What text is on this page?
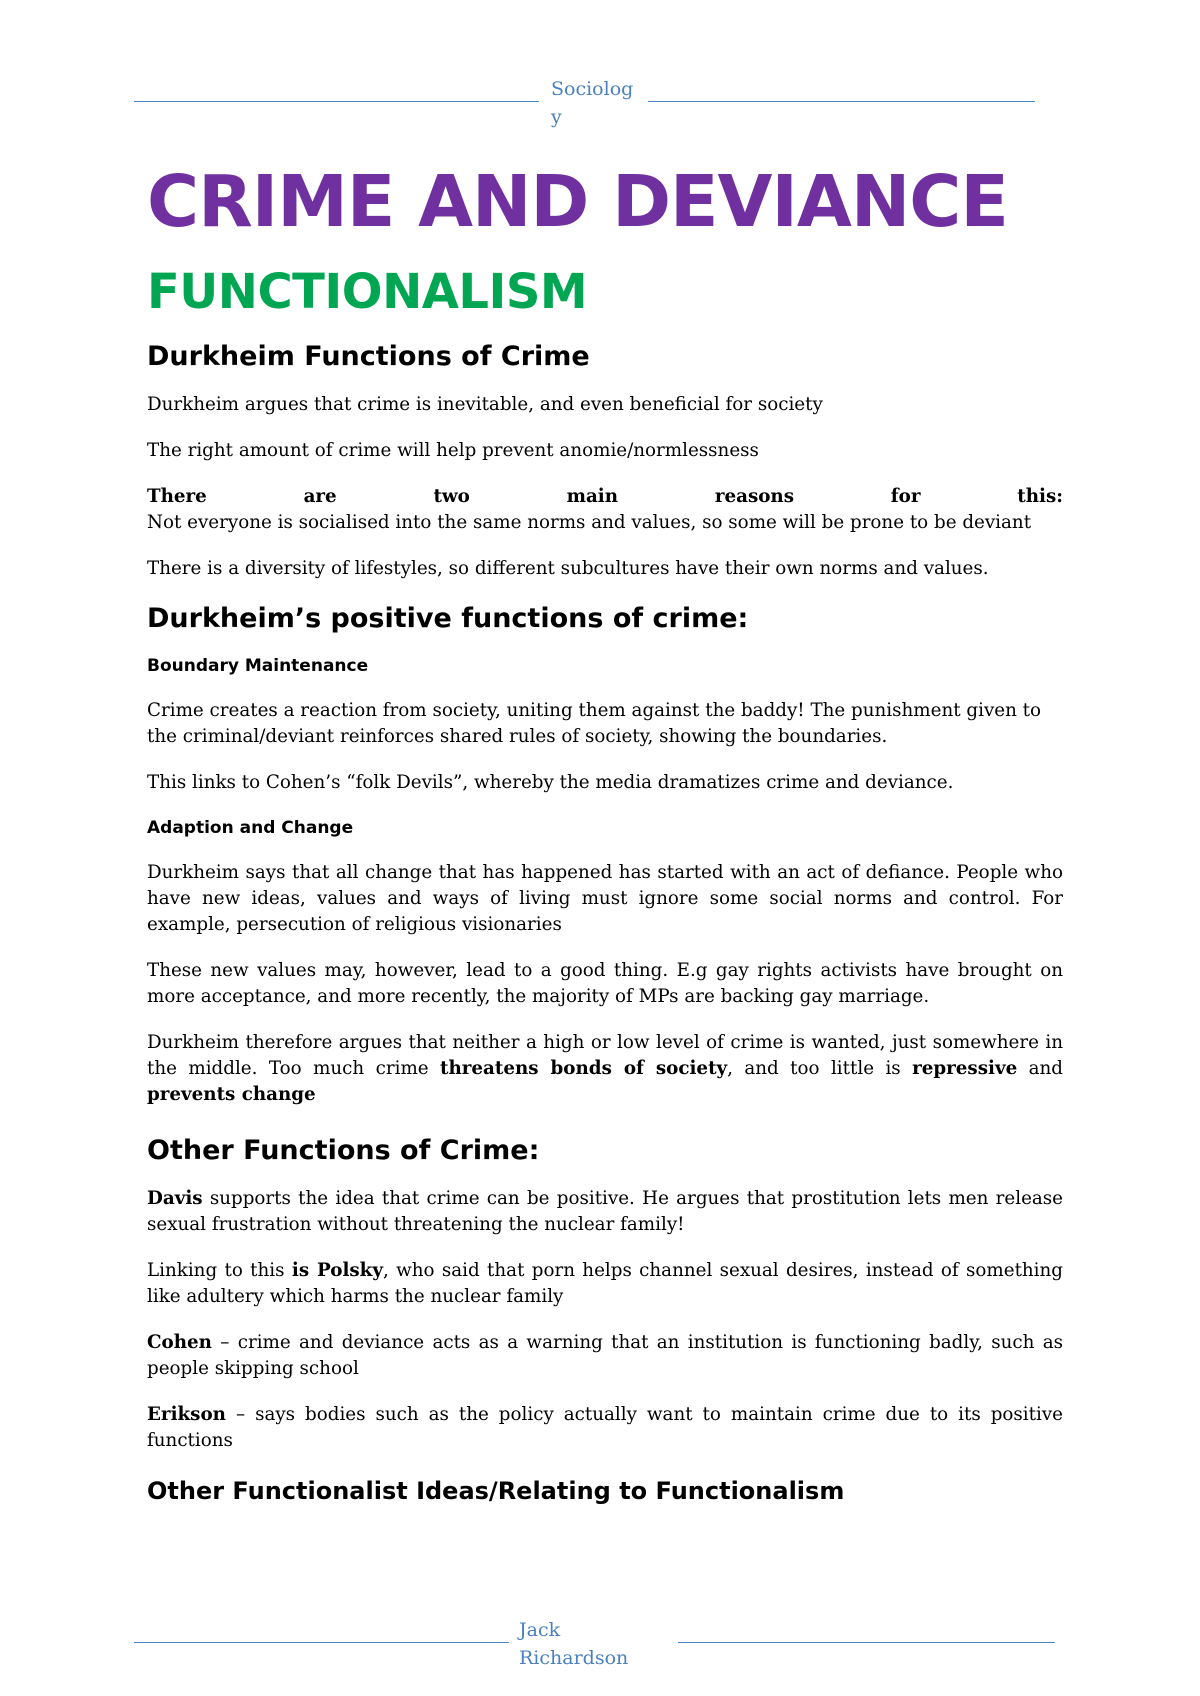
Sociolog
y
CRIME AND DEVIANCE
FUNCTIONALISM
Durkheim Functions of Crime

Durkheim argues that crime is inevitable, and even beneficial for society

The right amount of crime will help prevent anomie/normlessness

There are two main reasons for this:

Not everyone is socialised into the same norms and values, so some will be prone to be deviant

There is a diversity of lifestyles, so different subcultures have their own norms and values.

Durkheim’s positive functions of crime:
Boundary Maintenance

Crime creates a reaction from society, uniting them against the baddy! The punishment given to the criminal/deviant reinforces shared rules of society, showing the boundaries.

This links to Cohen’s “folk Devils”, whereby the media dramatizes crime and deviance.

Adaption and Change

Durkheim says that all change that has happened has started with an act of defiance. People who have new ideas, values and ways of living must ignore some social norms and control. For example, persecution of religious visionaries

These new values may, however, lead to a good thing. E.g gay rights activists have brought on more acceptance, and more recently, the majority of MPs are backing gay marriage.

Durkheim therefore argues that neither a high or low level of crime is wanted, just somewhere in the middle. Too much crime threatens bonds of society, and too little is repressive and prevents change

Other Functions of Crime:

Davis supports the idea that crime can be positive. He argues that prostitution lets men release sexual frustration without threatening the nuclear family!

Linking to this is Polsky, who said that porn helps channel sexual desires, instead of something like adultery which harms the nuclear family

Cohen – crime and deviance acts as a warning that an institution is functioning badly, such as people skipping school

Erikson – says bodies such as the policy actually want to maintain crime due to its positive functions

Other Functionalist Ideas/Relating to Functionalism
Jack
Richardson
